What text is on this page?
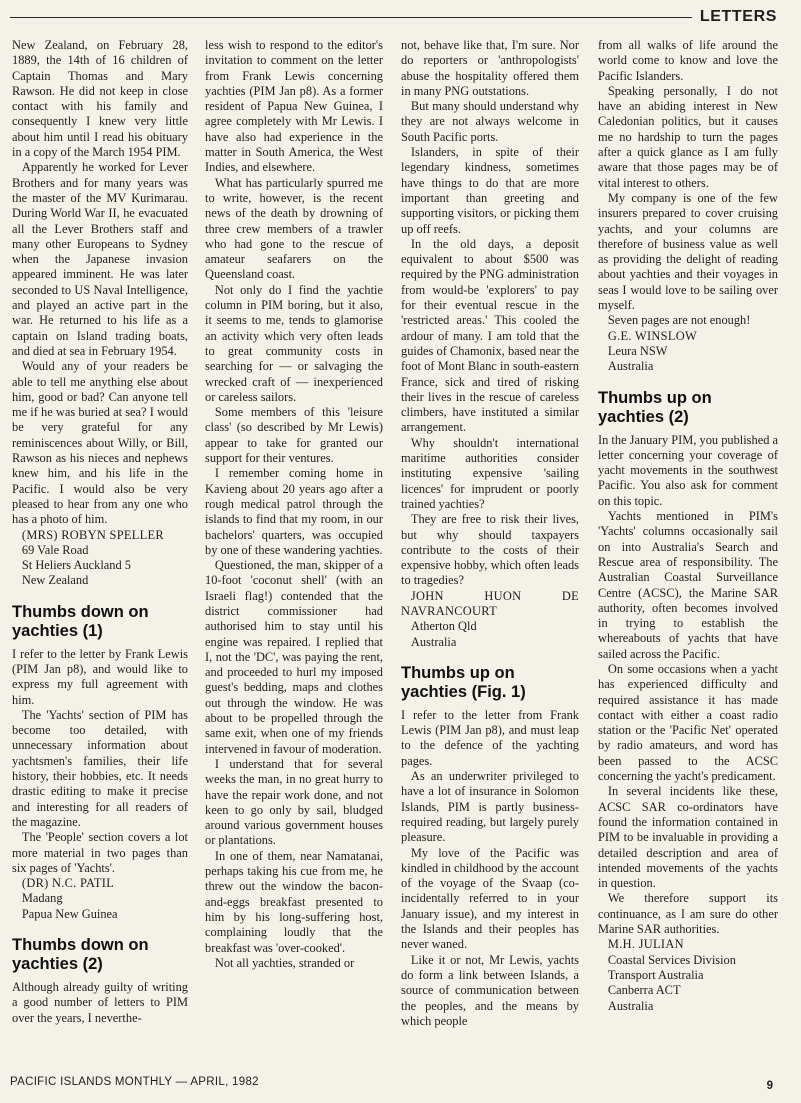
LETTERS

New Zealand, on February 28, 1889, the 14th of 16 children of Captain Thomas and Mary Rawson. He did not keep in close contact with his family and consequently I knew very little about him until I read his obituary in a copy of the March 1954 PIM.

Apparently he worked for Lever Brothers and for many years was the master of the MV Kurimarau. During World War II, he evacuated all the Lever Brothers staff and many other Europeans to Sydney when the Japanese invasion appeared imminent. He was later seconded to US Naval Intelligence, and played an active part in the war. He returned to his life as a captain on Island trading boats, and died at sea in February 1954.

Would any of your readers be able to tell me anything else about him, good or bad? Can anyone tell me if he was buried at sea? I would be very grateful for any reminiscences about Willy, or Bill, Rawson as his nieces and nephews knew him, and his life in the Pacific. I would also be very pleased to hear from any one who has a photo of him.

(MRS) ROBYN SPELLER

69 Vale Road

St Heliers Auckland 5

New Zealand

Thumbs down on yachties (1)

I refer to the letter by Frank Lewis (PIM Jan p8), and would like to express my full agreement with him.

The 'Yachts' section of PIM has become too detailed, with unnecessary information about yachtsmen's families, their life history, their hobbies, etc. It needs drastic editing to make it precise and interesting for all readers of the magazine.

The 'People' section covers a lot more material in two pages than six pages of 'Yachts'.

(DR) N.C. PATIL

Madang

Papua New Guinea

Thumbs down on yachties (2)

Although already guilty of writing a good number of letters to PIM over the years, I neverthe-

less wish to respond to the editor's invitation to comment on the letter from Frank Lewis concerning yachties (PIM Jan p8). As a former resident of Papua New Guinea, I agree completely with Mr Lewis. I have also had experience in the matter in South America, the West Indies, and elsewhere.

What has particularly spurred me to write, however, is the recent news of the death by drowning of three crew members of a trawler who had gone to the rescue of amateur seafarers on the Queensland coast.

Not only do I find the yachtie column in PIM boring, but it also, it seems to me, tends to glamorise an activity which very often leads to great community costs in searching for — or salvaging the wrecked craft of — inexperienced or careless sailors.

Some members of this 'leisure class' (so described by Mr Lewis) appear to take for granted our support for their ventures.

I remember coming home in Kavieng about 20 years ago after a rough medical patrol through the islands to find that my room, in our bachelors' quarters, was occupied by one of these wandering yachties.

Questioned, the man, skipper of a 10-foot 'coconut shell' (with an Israeli flag!) contended that the district commissioner had authorised him to stay until his engine was repaired. I replied that I, not the 'DC', was paying the rent, and proceeded to hurl my imposed guest's bedding, maps and clothes out through the window. He was about to be propelled through the same exit, when one of my friends intervened in favour of moderation.

I understand that for several weeks the man, in no great hurry to have the repair work done, and not keen to go only by sail, bludged around various government houses or plantations.

In one of them, near Namatanai, perhaps taking his cue from me, he threw out the window the bacon-and-eggs breakfast presented to him by his long-suffering host, complaining loudly that the breakfast was 'over-cooked'.

Not all yachties, stranded or

not, behave like that, I'm sure. Nor do reporters or 'anthropologists' abuse the hospitality offered them in many PNG outstations.

But many should understand why they are not always welcome in South Pacific ports.

Islanders, in spite of their legendary kindness, sometimes have things to do that are more important than greeting and supporting visitors, or picking them up off reefs.

In the old days, a deposit equivalent to about $500 was required by the PNG administration from would-be 'explorers' to pay for their eventual rescue in the 'restricted areas.' This cooled the ardour of many. I am told that the guides of Chamonix, based near the foot of Mont Blanc in south-eastern France, sick and tired of risking their lives in the rescue of careless climbers, have instituted a similar arrangement.

Why shouldn't international maritime authorities consider instituting expensive 'sailing licences' for imprudent or poorly trained yachties?

They are free to risk their lives, but why should taxpayers contribute to the costs of their expensive hobby, which often leads to tragedies?

JOHN HUON DE NAVRANCOURT

Atherton Qld

Australia

Thumbs up on yachties (Fig. 1)

I refer to the letter from Frank Lewis (PIM Jan p8), and must leap to the defence of the yachting pages.

As an underwriter privileged to have a lot of insurance in Solomon Islands, PIM is partly business-required reading, but largely purely pleasure.

My love of the Pacific was kindled in childhood by the account of the voyage of the Svaap (co-incidentally referred to in your January issue), and my interest in the Islands and their peoples has never waned.

Like it or not, Mr Lewis, yachts do form a link between Islands, a source of communication between the peoples, and the means by which people

from all walks of life around the world come to know and love the Pacific Islanders.

Speaking personally, I do not have an abiding interest in New Caledonian politics, but it causes me no hardship to turn the pages after a quick glance as I am fully aware that those pages may be of vital interest to others.

My company is one of the few insurers prepared to cover cruising yachts, and your columns are therefore of business value as well as providing the delight of reading about yachties and their voyages in seas I would love to be sailing over myself.

Seven pages are not enough!

G.E. WINSLOW

Leura NSW

Australia

Thumbs up on yachties (2)

In the January PIM, you published a letter concerning your coverage of yacht movements in the southwest Pacific. You also ask for comment on this topic.

Yachts mentioned in PIM's 'Yachts' columns occasionally sail on into Australia's Search and Rescue area of responsibility. The Australian Coastal Surveillance Centre (ACSC), the Marine SAR authority, often becomes involved in trying to establish the whereabouts of yachts that have sailed across the Pacific.

On some occasions when a yacht has experienced difficulty and required assistance it has made contact with either a coast radio station or the 'Pacific Net' operated by radio amateurs, and word has been passed to the ACSC concerning the yacht's predicament.

In several incidents like these, ACSC SAR co-ordinators have found the information contained in PIM to be invaluable in providing a detailed description and area of intended movements of the yachts in question.

We therefore support its continuance, as I am sure do other Marine SAR authorities.

M.H. JULIAN

Coastal Services Division

Transport Australia

Canberra ACT

Australia

PACIFIC ISLANDS MONTHLY — APRIL, 1982	9
